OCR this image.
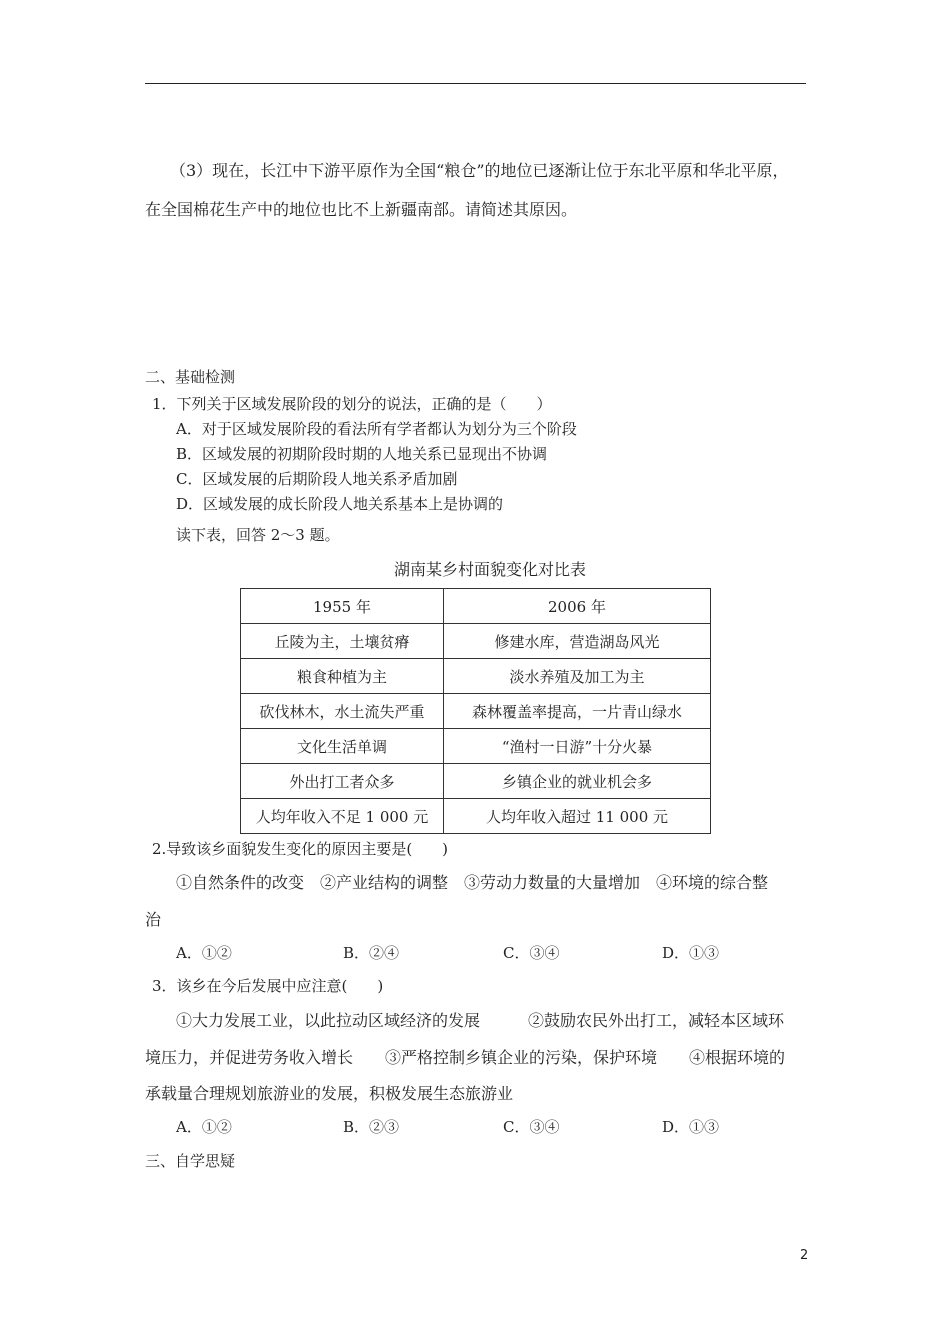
（3）现在，长江中下游平原作为全国“粮仓”的地位已逐渐让位于东北平原和华北平原，
在全国棉花生产中的地位也比不上新疆南部。请简述其原因。
二、基础检测
1．下列关于区域发展阶段的划分的说法，正确的是（　　）
A．对于区域发展阶段的看法所有学者都认为划分为三个阶段
B．区域发展的初期阶段时期的人地关系已显现出不协调
C．区域发展的后期阶段人地关系矛盾加剧
D．区域发展的成长阶段人地关系基本上是协调的
读下表，回答 2～3 题。
湖南某乡村面貌变化对比表
1955 年	2006 年
丘陵为主，土壤贫瘠	修建水库，营造湖岛风光
粮食种植为主	淡水养殖及加工为主
砍伐林木，水土流失严重	森林覆盖率提高，一片青山绿水
文化生活单调	“渔村一日游”十分火暴
外出打工者众多	乡镇企业的就业机会多
人均年收入不足 1 000 元	人均年收入超过 11 000 元
2.导致该乡面貌发生变化的原因主要是(　　)
①自然条件的改变　②产业结构的调整　③劳动力数量的大量增加　④环境的综合整
治
A．①②	B．②④	C．③④	D．①③
3．该乡在今后发展中应注意(　　)
①大力发展工业，以此拉动区域经济的发展　　　②鼓励农民外出打工，减轻本区域环
境压力，并促进劳务收入增长　　③严格控制乡镇企业的污染，保护环境　　④根据环境的
承载量合理规划旅游业的发展，积极发展生态旅游业
A．①②	B．②③	C．③④	D．①③
三、自学思疑
2
